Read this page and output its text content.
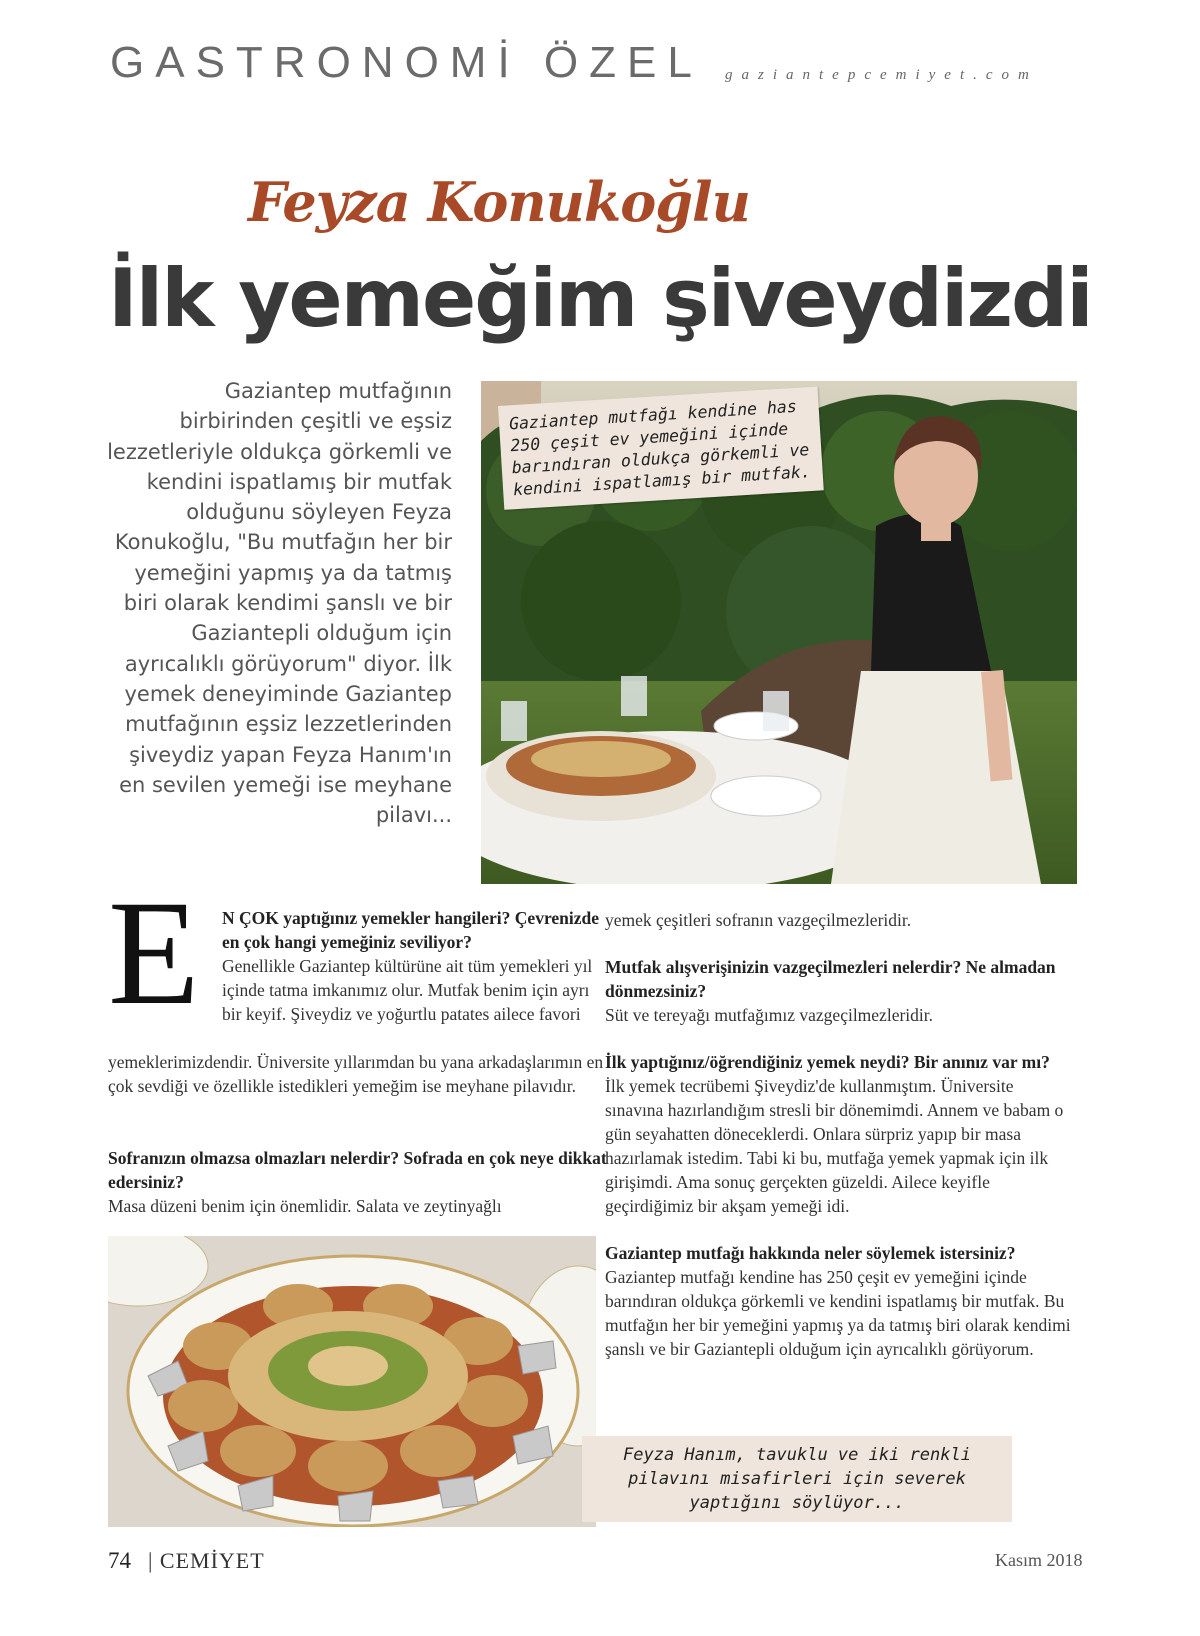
GASTRONOMİ ÖZEL gaziantepcemiyet.com
Feyza Konukoğlu
İlk yemeğim şiveydizdi
Gaziantep mutfağının birbirinden çeşitli ve eşsiz lezzetleriyle oldukça görkemli ve kendini ispatlamış bir mutfak olduğunu söyleyen Feyza Konukoğlu, "Bu mutfağın her bir yemeğini yapmış ya da tatmış biri olarak kendimi şanslı ve bir Gaziantepli olduğum için ayrıcalıklı görüyorum" diyor. İlk yemek deneyiminde Gaziantep mutfağının eşsiz lezzetlerinden şiveydiz yapan Feyza Hanım'ın en sevilen yemeği ise meyhane pilavı...
Gaziantep mutfağı kendine has 250 çeşit ev yemeğini içinde barındıran oldukça görkemli ve kendini ispatlamış bir mutfak.
E N ÇOK yaptığınız yemekler hangileri? Çevrenizde en çok hangi yemeğiniz seviliyor?

Genellikle Gaziantep kültürüne ait tüm yemekleri yıl içinde tatma imkanımız olur. Mutfak benim için ayrı bir keyif. Şiveydiz ve yoğurtlu patates ailece favori

yemeklerimizdendir. Üniversite yıllarımdan bu yana arkadaşlarımın en çok sevdiği ve özellikle istedikleri yemeğim ise meyhane pilavıdır.

Sofranızın olmazsa olmazları nelerdir? Sofrada en çok neye dikkat edersiniz?

Masa düzeni benim için önemlidir. Salata ve zeytinyağlı

yemek çeşitleri sofranın vazgeçilmezleridir.

Mutfak alışverişinizin vazgeçilmezleri nelerdir? Ne almadan dönmezsiniz?

Süt ve tereyağı mutfağımız vazgeçilmezleridir.

İlk yaptığınız/öğrendiğiniz yemek neydi? Bir anınız var mı?

İlk yemek tecrübemi Şiveydiz'de kullanmıştım. Üniversite sınavına hazırlandığım stresli bir dönemimdi. Annem ve babam o gün seyahatten döneceklerdi. Onlara sürpriz yapıp bir masa hazırlamak istedim. Tabi ki bu, mutfağa yemek yapmak için ilk girişimdi. Ama sonuç gerçekten güzeldi. Ailece keyifle geçirdiğimiz bir akşam yemeği idi.

Gaziantep mutfağı hakkında neler söylemek istersiniz?

Gaziantep mutfağı kendine has 250 çeşit ev yemeğini içinde barındıran oldukça görkemli ve kendini ispatlamış bir mutfak. Bu mutfağın her bir yemeğini yapmış ya da tatmış biri olarak kendimi şanslı ve bir Gaziantepli olduğum için ayrıcalıklı görüyorum.

Feyza Hanım, tavuklu ve iki renkli pilavını misafirleri için severek yaptığını söylüyor...
74 | CEMİYET	Kasım 2018
